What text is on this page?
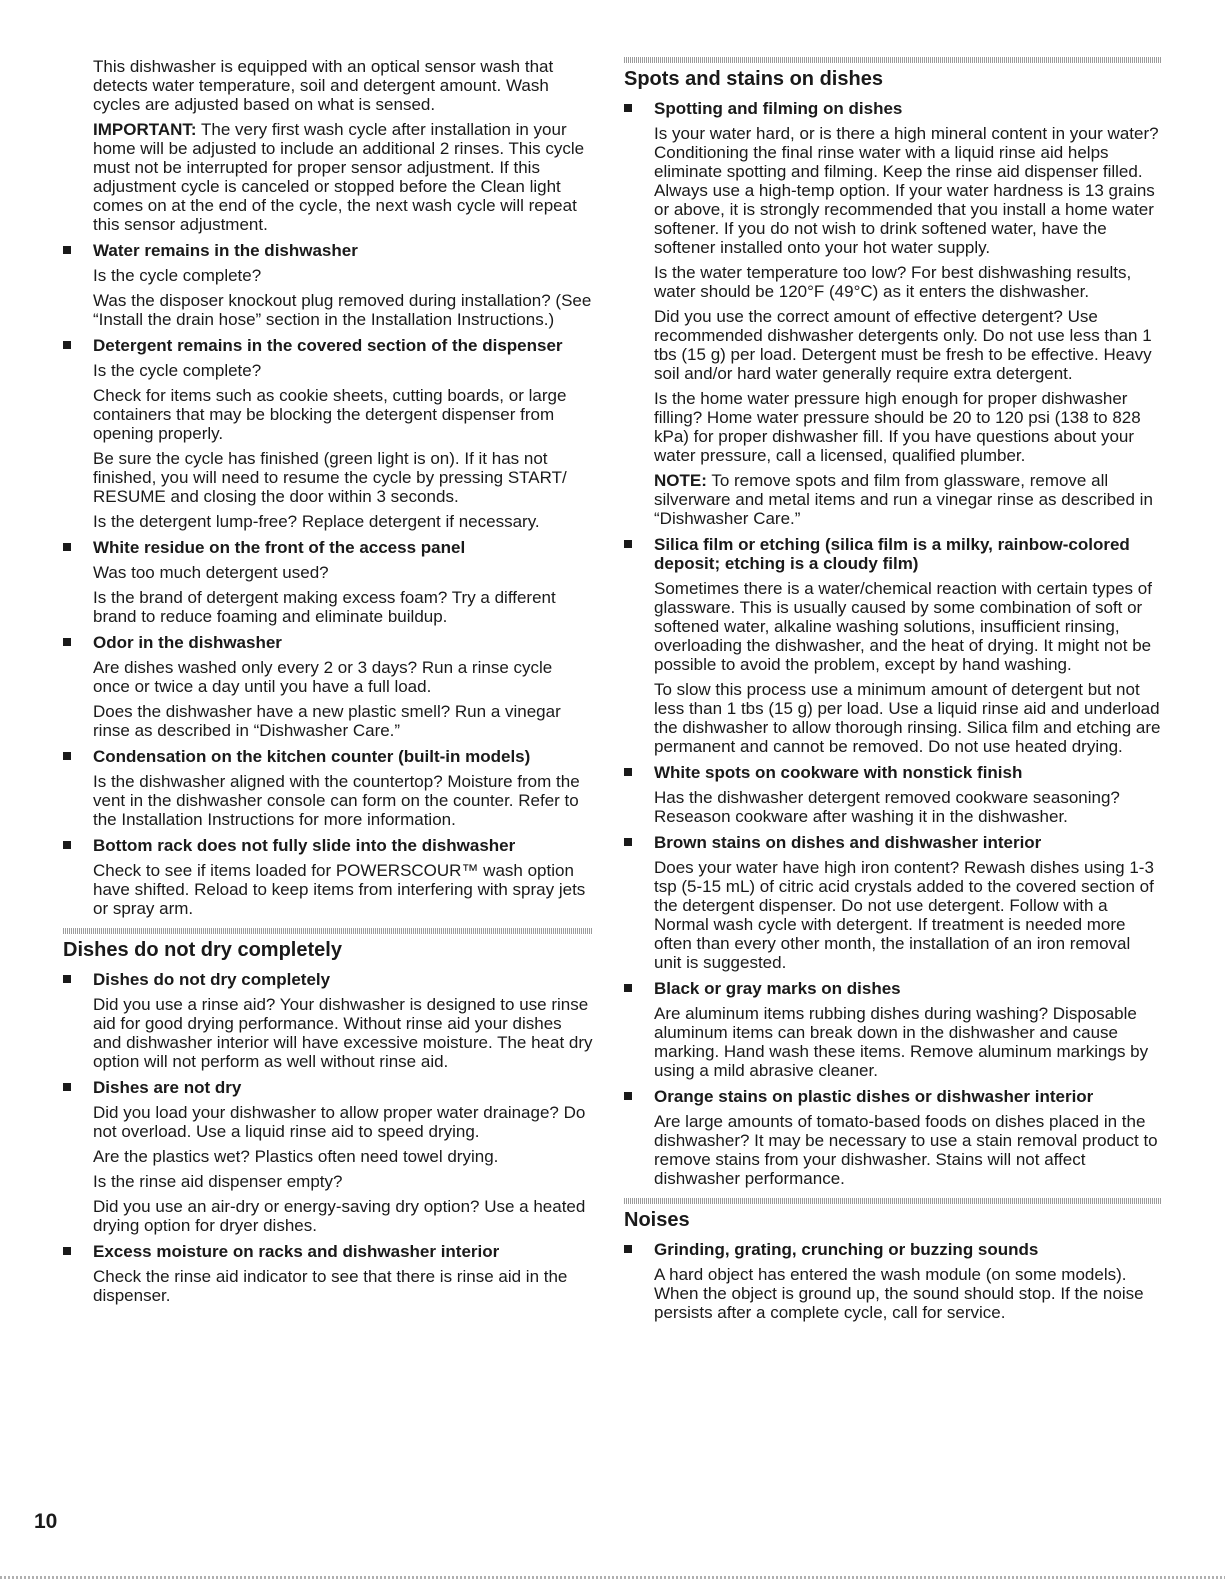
This dishwasher is equipped with an optical sensor wash that detects water temperature, soil and detergent amount. Wash cycles are adjusted based on what is sensed.

IMPORTANT: The very first wash cycle after installation in your home will be adjusted to include an additional 2 rinses. This cycle must not be interrupted for proper sensor adjustment. If this adjustment cycle is canceled or stopped before the Clean light comes on at the end of the cycle, the next wash cycle will repeat this sensor adjustment.

Water remains in the dishwasher

Is the cycle complete?

Was the disposer knockout plug removed during installation? (See “Install the drain hose” section in the Installation Instructions.)

Detergent remains in the covered section of the dispenser

Is the cycle complete?

Check for items such as cookie sheets, cutting boards, or large containers that may be blocking the detergent dispenser from opening properly.

Be sure the cycle has finished (green light is on). If it has not finished, you will need to resume the cycle by pressing START/ RESUME and closing the door within 3 seconds.

Is the detergent lump-free? Replace detergent if necessary.

White residue on the front of the access panel

Was too much detergent used?

Is the brand of detergent making excess foam? Try a different brand to reduce foaming and eliminate buildup.

Odor in the dishwasher

Are dishes washed only every 2 or 3 days? Run a rinse cycle once or twice a day until you have a full load.

Does the dishwasher have a new plastic smell? Run a vinegar rinse as described in “Dishwasher Care.”

Condensation on the kitchen counter (built-in models)

Is the dishwasher aligned with the countertop? Moisture from the vent in the dishwasher console can form on the counter. Refer to the Installation Instructions for more information.

Bottom rack does not fully slide into the dishwasher

Check to see if items loaded for POWERSCOUR™ wash option have shifted. Reload to keep items from interfering with spray jets or spray arm.

Dishes do not dry completely
Dishes do not dry completely

Did you use a rinse aid? Your dishwasher is designed to use rinse aid for good drying performance. Without rinse aid your dishes and dishwasher interior will have excessive moisture. The heat dry option will not perform as well without rinse aid.

Dishes are not dry

Did you load your dishwasher to allow proper water drainage? Do not overload. Use a liquid rinse aid to speed drying.

Are the plastics wet? Plastics often need towel drying.

Is the rinse aid dispenser empty?

Did you use an air-dry or energy-saving dry option? Use a heated drying option for dryer dishes.

Excess moisture on racks and dishwasher interior

Check the rinse aid indicator to see that there is rinse aid in the dispenser.

Spots and stains on dishes
Spotting and filming on dishes

Is your water hard, or is there a high mineral content in your water? Conditioning the final rinse water with a liquid rinse aid helps eliminate spotting and filming. Keep the rinse aid dispenser filled. Always use a high-temp option. If your water hardness is 13 grains or above, it is strongly recommended that you install a home water softener. If you do not wish to drink softened water, have the softener installed onto your hot water supply.

Is the water temperature too low? For best dishwashing results, water should be 120°F (49°C) as it enters the dishwasher.

Did you use the correct amount of effective detergent? Use recommended dishwasher detergents only. Do not use less than 1 tbs (15 g) per load. Detergent must be fresh to be effective. Heavy soil and/or hard water generally require extra detergent.

Is the home water pressure high enough for proper dishwasher filling? Home water pressure should be 20 to 120 psi (138 to 828 kPa) for proper dishwasher fill. If you have questions about your water pressure, call a licensed, qualified plumber.

NOTE: To remove spots and film from glassware, remove all silverware and metal items and run a vinegar rinse as described in “Dishwasher Care.”

Silica film or etching (silica film is a milky, rainbow-colored deposit; etching is a cloudy film)

Sometimes there is a water/chemical reaction with certain types of glassware. This is usually caused by some combination of soft or softened water, alkaline washing solutions, insufficient rinsing, overloading the dishwasher, and the heat of drying. It might not be possible to avoid the problem, except by hand washing.

To slow this process use a minimum amount of detergent but not less than 1 tbs (15 g) per load. Use a liquid rinse aid and underload the dishwasher to allow thorough rinsing. Silica film and etching are permanent and cannot be removed. Do not use heated drying.

White spots on cookware with nonstick finish

Has the dishwasher detergent removed cookware seasoning? Reseason cookware after washing it in the dishwasher.

Brown stains on dishes and dishwasher interior

Does your water have high iron content? Rewash dishes using 1-3 tsp (5-15 mL) of citric acid crystals added to the covered section of the detergent dispenser. Do not use detergent. Follow with a Normal wash cycle with detergent. If treatment is needed more often than every other month, the installation of an iron removal unit is suggested.

Black or gray marks on dishes

Are aluminum items rubbing dishes during washing? Disposable aluminum items can break down in the dishwasher and cause marking. Hand wash these items. Remove aluminum markings by using a mild abrasive cleaner.

Orange stains on plastic dishes or dishwasher interior

Are large amounts of tomato-based foods on dishes placed in the dishwasher? It may be necessary to use a stain removal product to remove stains from your dishwasher. Stains will not affect dishwasher performance.

Noises
Grinding, grating, crunching or buzzing sounds

A hard object has entered the wash module (on some models). When the object is ground up, the sound should stop. If the noise persists after a complete cycle, call for service.

10
